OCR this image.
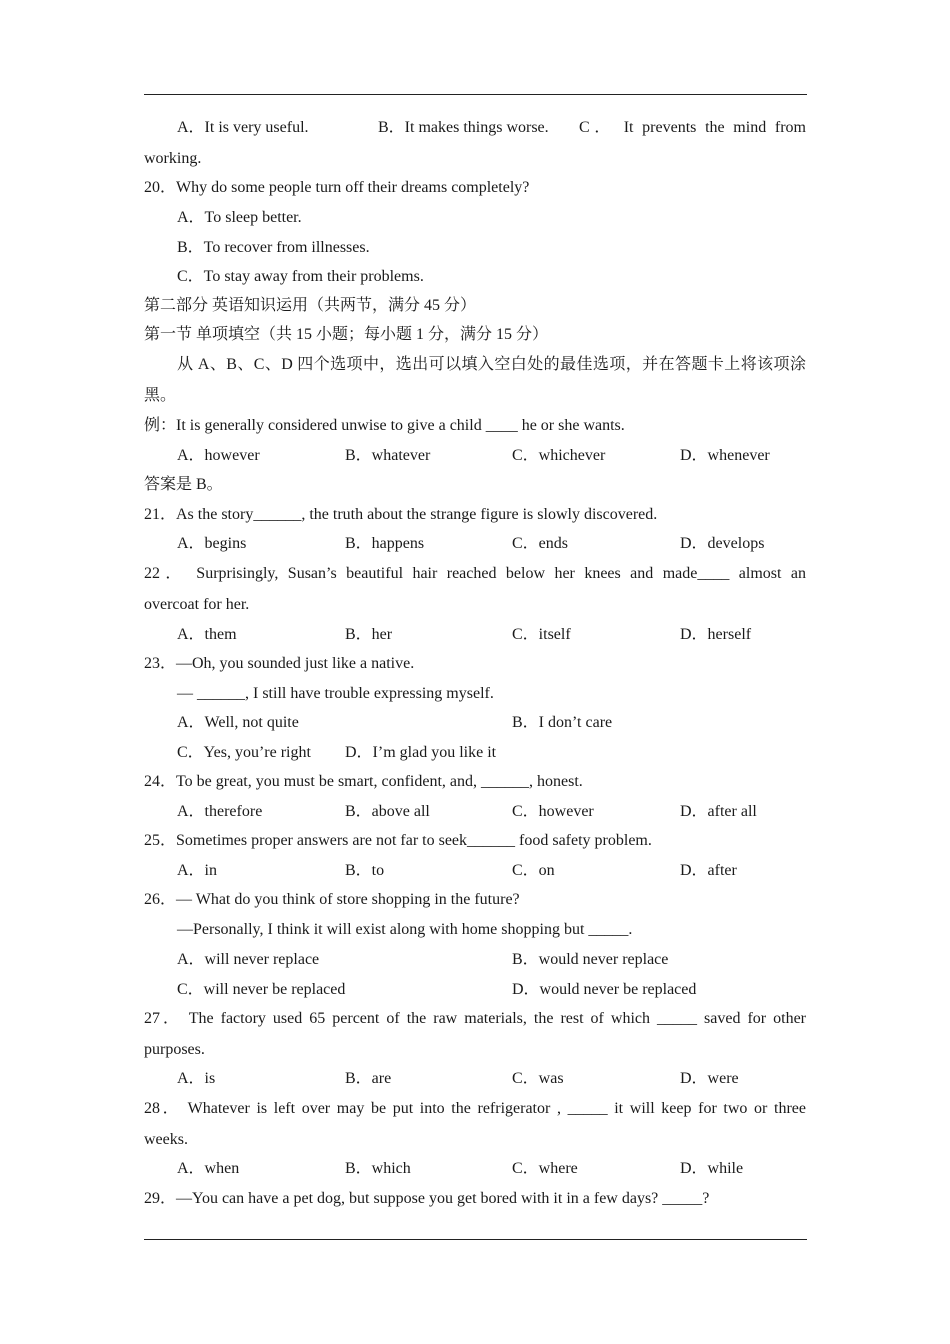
A．It is very useful.	B．It makes things worse. C． It prevents the mind from
working.
20．Why do some people turn off their dreams completely?
A．To sleep better.
B．To recover from illnesses.
C．To stay away from their problems.
第二部分 英语知识运用（共两节，满分 45 分）
第一节 单项填空（共 15 小题；每小题 1 分，满分 15 分）
从 A、B、C、D 四个选项中，选出可以填入空白处的最佳选项，并在答题卡上将该项涂
黑。
例：It is generally considered unwise to give a child ____ he or she wants.
A．however	B．whatever	C．whichever	D．whenever
答案是 B。
21．As the story______, the truth about the strange figure is slowly discovered.
A．begins	B．happens	C．ends	D．develops
22． Surprisingly, Susan’s beautiful hair reached below her knees and made____ almost an
overcoat for her.
A．them	B．her	C．itself	D．herself
23．—Oh, you sounded just like a native.
— ______, I still have trouble expressing myself.
A．Well, not quite	B．I don’t care
C．Yes, you’re right D．I’m glad you like it
24．To be great, you must be smart, confident, and, ______, honest.
A．therefore	B．above all	C．however	D．after all
25．Sometimes proper answers are not far to seek______ food safety problem.
A．in	B．to	C．on	D．after
26．— What do you think of store shopping in the future?
—Personally, I think it will exist along with home shopping but _____.
A．will never replace	B．would never replace
C．will never be replaced	D．would never be replaced
27． The factory used 65 percent of the raw materials, the rest of which _____ saved for other
purposes.
A．is	B．are	C．was	D．were
28． Whatever is left over may be put into the refrigerator , _____ it will keep for two or three
weeks.
A．when	B．which	C．where	D．while
29．—You can have a pet dog, but suppose you get bored with it in a few days? _____?
